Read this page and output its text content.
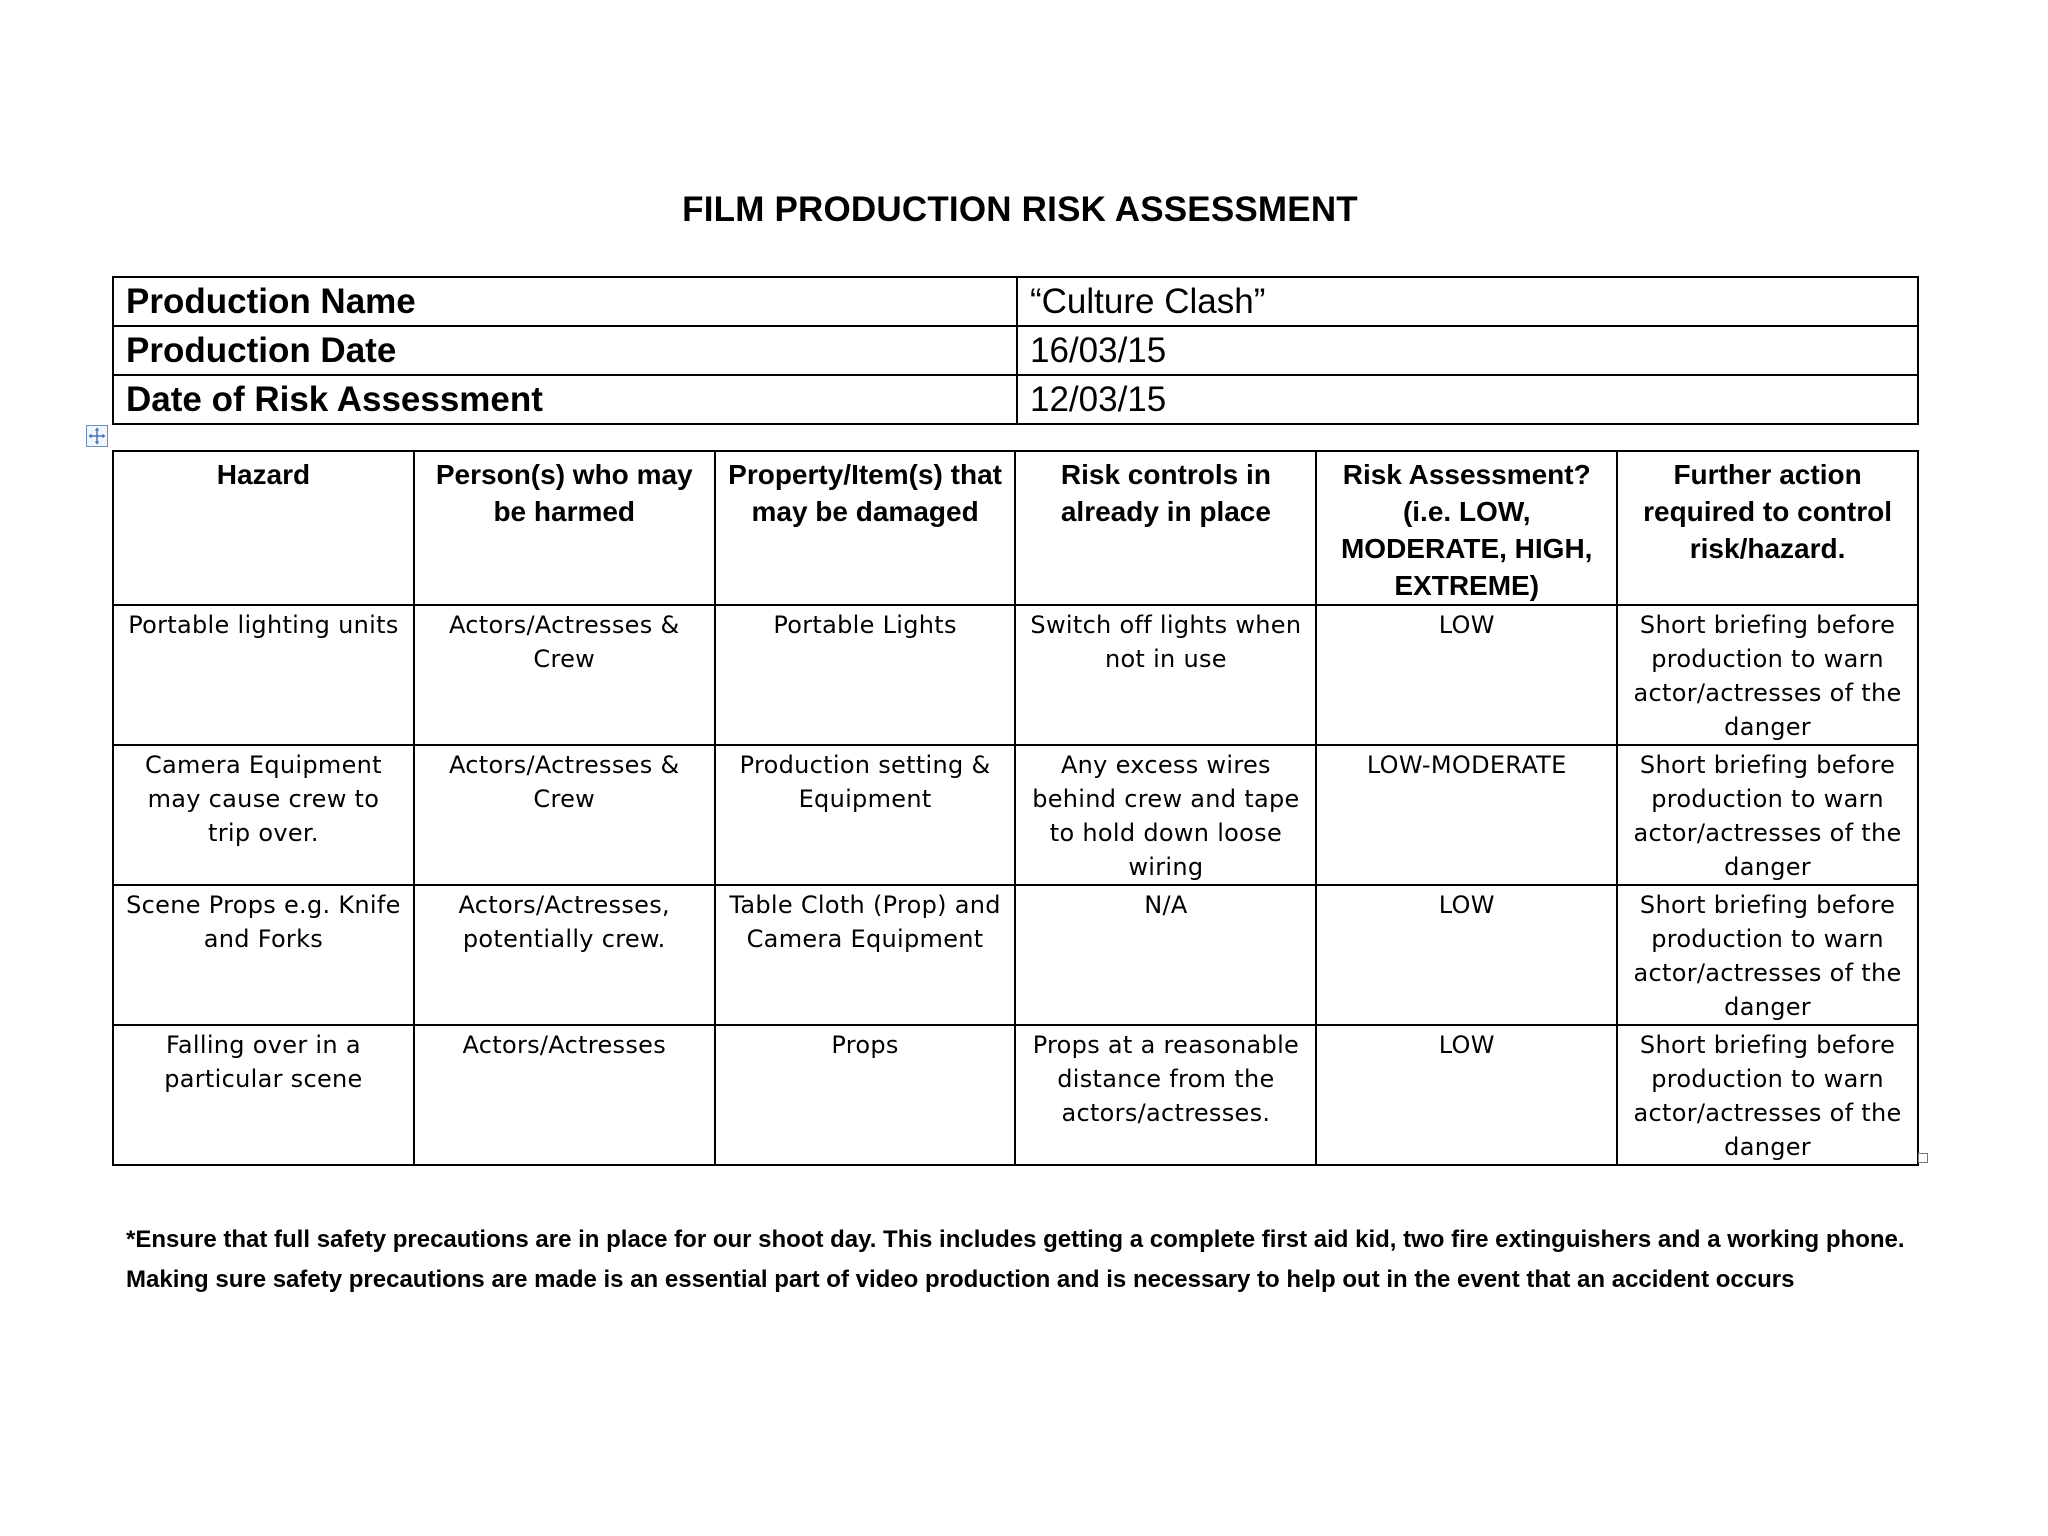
FILM PRODUCTION RISK ASSESSMENT
Production Name	“Culture Clash”
Production Date	16/03/15
Date of Risk Assessment	12/03/15
Hazard	Person(s) who may be harmed	Property/Item(s) that may be damaged	Risk controls in already in place	Risk Assessment? (i.e. LOW, MODERATE, HIGH, EXTREME)	Further action required to control risk/hazard.
Portable lighting units	Actors/Actresses & Crew	Portable Lights	Switch off lights when not in use	LOW	Short briefing before production to warn actor/actresses of the danger
Camera Equipment may cause crew to trip over.	Actors/Actresses & Crew	Production setting & Equipment	Any excess wires behind crew and tape to hold down loose wiring	LOW-MODERATE	Short briefing before production to warn actor/actresses of the danger
Scene Props e.g. Knife and Forks	Actors/Actresses, potentially crew.	Table Cloth (Prop) and Camera Equipment	N/A	LOW	Short briefing before production to warn actor/actresses of the danger
Falling over in a particular scene	Actors/Actresses	Props	Props at a reasonable distance from the actors/actresses.	LOW	Short briefing before production to warn actor/actresses of the danger
*Ensure that full safety precautions are in place for our shoot day. This includes getting a complete first aid kid, two fire extinguishers and a working phone. Making sure safety precautions are made is an essential part of video production and is necessary to help out in the event that an accident occurs
